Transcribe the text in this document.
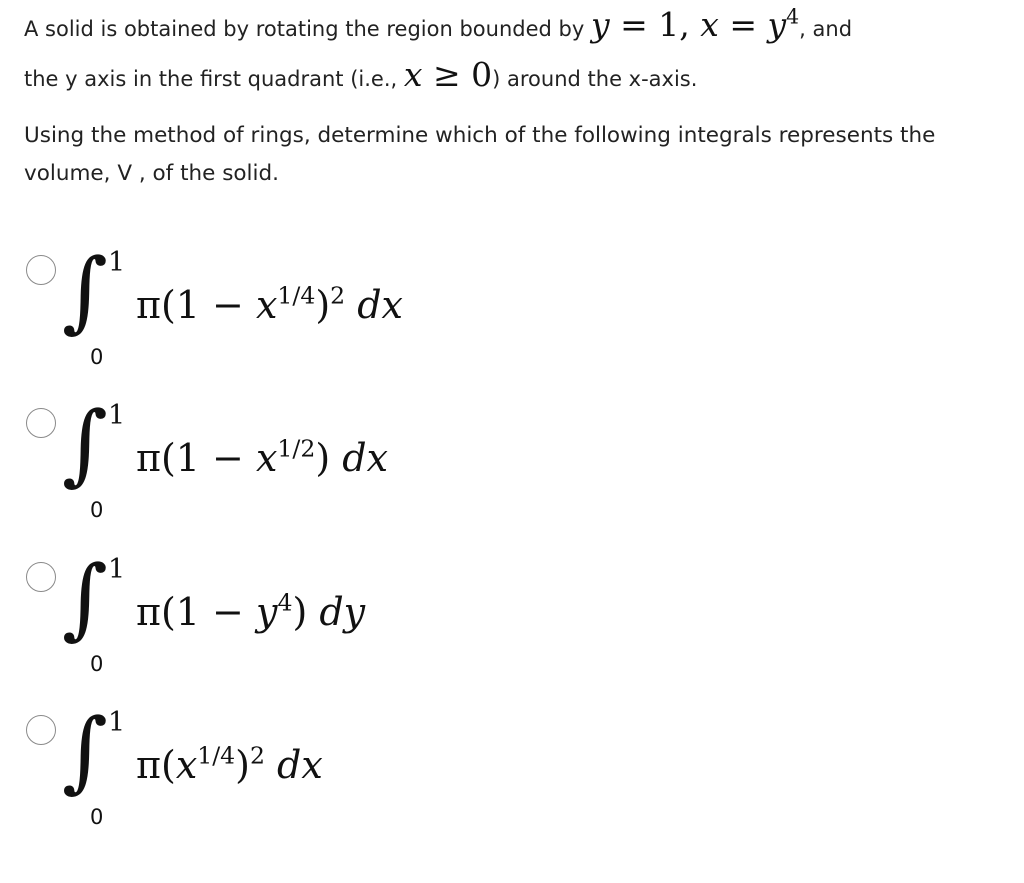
A solid is obtained by rotating the region bounded by y = 1, $x = y^4$, and
the y axis in the first quadrant (i.e., x ≥ 0) around the x-axis.
Using the method of rings, determine which of the following integrals represents the volume, V , of the solid.
∫ 1
0
$\pi(1 - x^{1/4})^2$ dx
∫ 1
0
$\pi(1 - x^{1/2})$ dx
∫ 1
0
$\pi(1 - y^4)$ dy
∫ 1
0
$\pi(x^{1/4})^2$ dx
